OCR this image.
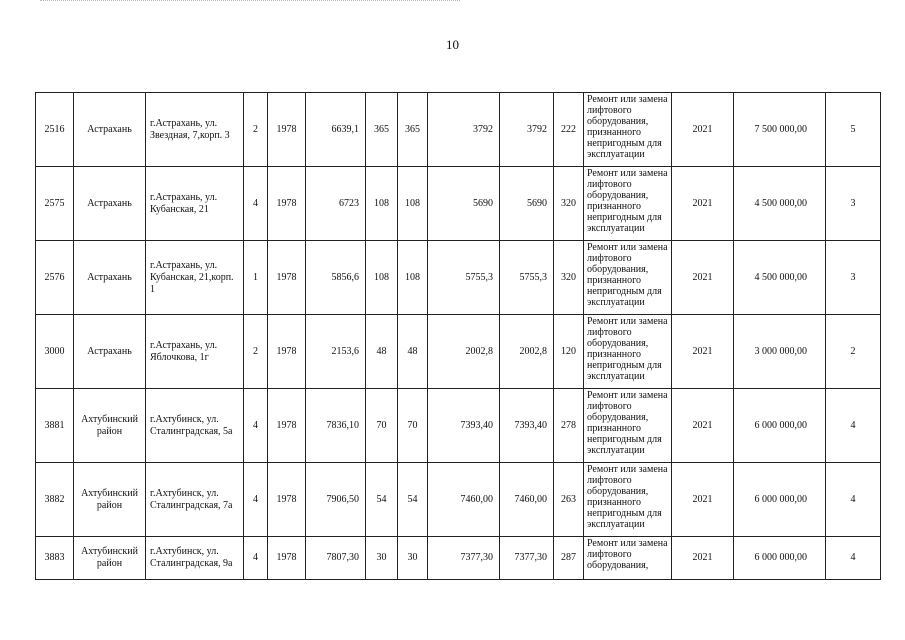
10
2516	Астрахань	г.Астрахань, ул. Звездная, 7,корп. 3	2	1978	6639,1	365	365	3792	3792	222	Ремонт или замена лифтового оборудования, признанного непригодным для эксплуатации	2021	7 500 000,00	5
2575	Астрахань	г.Астрахань, ул. Кубанская, 21	4	1978	6723	108	108	5690	5690	320	Ремонт или замена лифтового оборудования, признанного непригодным для эксплуатации	2021	4 500 000,00	3
2576	Астрахань	г.Астрахань, ул. Кубанская, 21,корп. 1	1	1978	5856,6	108	108	5755,3	5755,3	320	Ремонт или замена лифтового оборудования, признанного непригодным для эксплуатации	2021	4 500 000,00	3
3000	Астрахань	г.Астрахань, ул. Яблочкова, 1г	2	1978	2153,6	48	48	2002,8	2002,8	120	Ремонт или замена лифтового оборудования, признанного непригодным для эксплуатации	2021	3 000 000,00	2
3881	Ахтубинский район	г.Ахтубинск, ул. Сталинградская, 5а	4	1978	7836,10	70	70	7393,40	7393,40	278	Ремонт или замена лифтового оборудования, признанного непригодным для эксплуатации	2021	6 000 000,00	4
3882	Ахтубинский район	г.Ахтубинск, ул. Сталинградская, 7а	4	1978	7906,50	54	54	7460,00	7460,00	263	Ремонт или замена лифтового оборудования, признанного непригодным для эксплуатации	2021	6 000 000,00	4
3883	Ахтубинский район	г.Ахтубинск, ул. Сталинградская, 9а	4	1978	7807,30	30	30	7377,30	7377,30	287	Ремонт или замена лифтового оборудования,	2021	6 000 000,00	4
